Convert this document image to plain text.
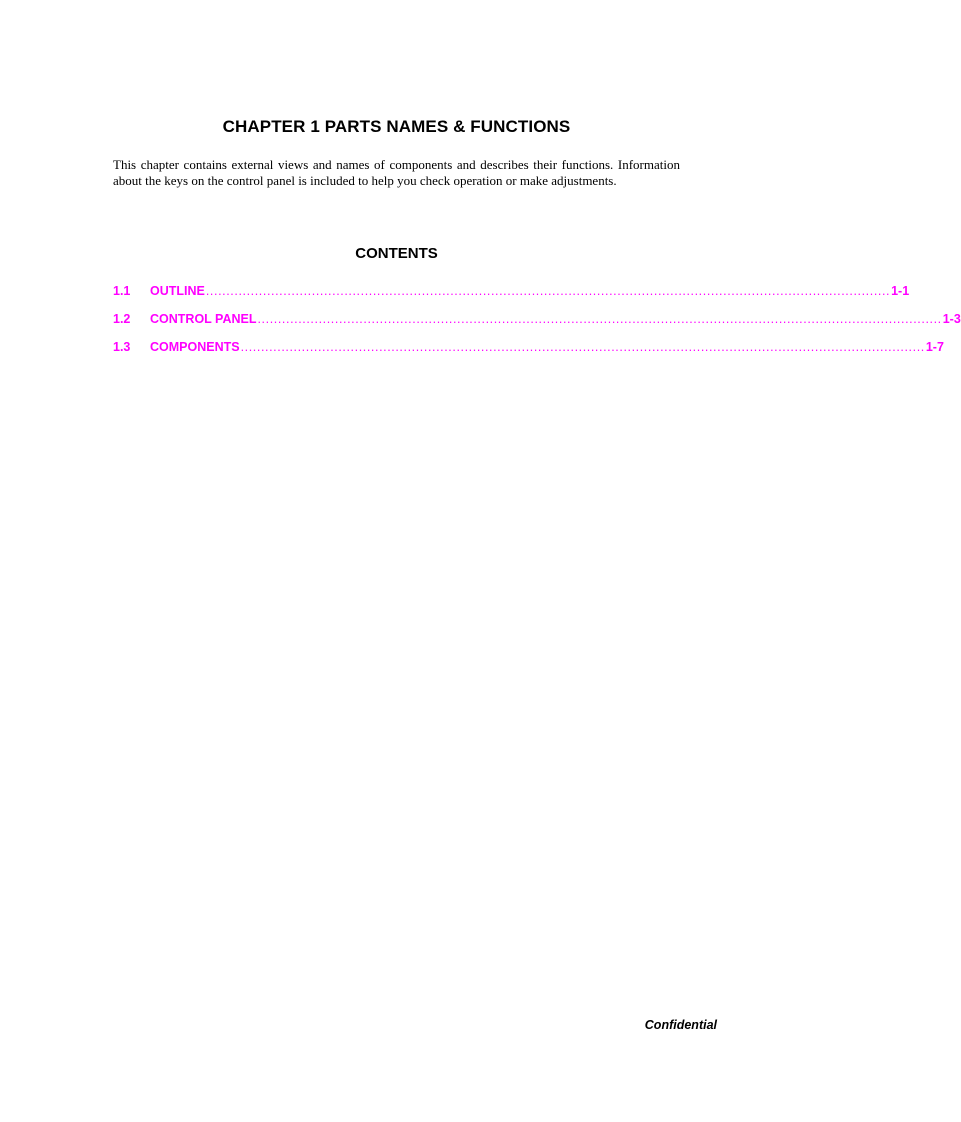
CHAPTER 1 PARTS NAMES & FUNCTIONS

This chapter contains external views and names of components and describes their functions. Information about the keys on the control panel is included to help you check operation or make adjustments.

CONTENTS
1.1	OUTLINE ........................................................................................................................................................................ 1-1
1.2	CONTROL PANEL ........................................................................................................................................................................ 1-3
1.3	COMPONENTS ........................................................................................................................................................................ 1-7
Confidential
